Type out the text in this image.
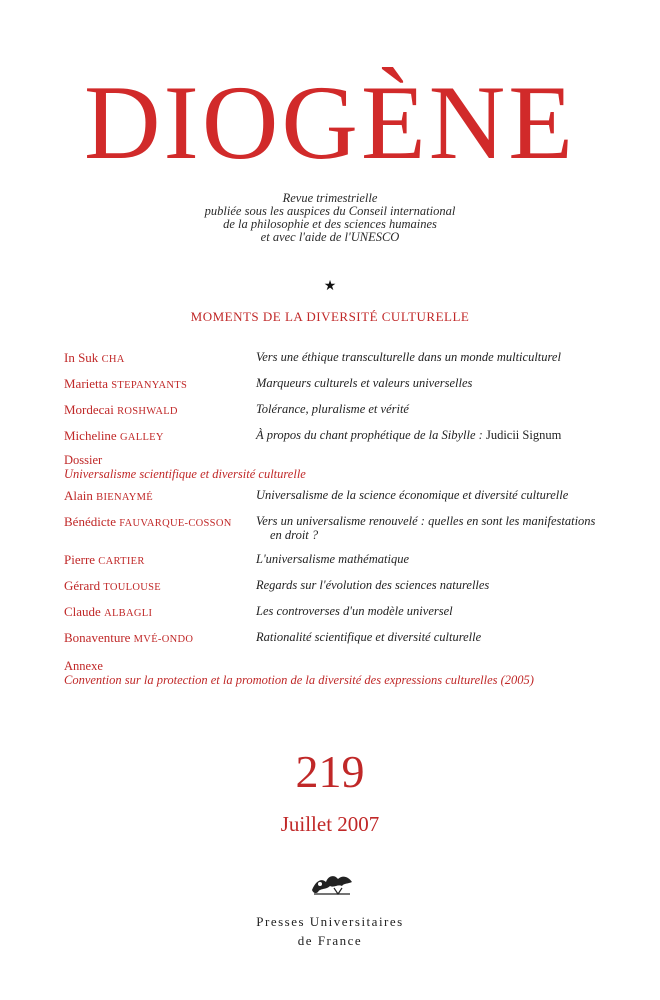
DIOGÈNE
Revue trimestrielle
publiée sous les auspices du Conseil international
de la philosophie et des sciences humaines
et avec l'aide de l'UNESCO
★
MOMENTS DE LA DIVERSITÉ CULTURELLE
In Suk CHA	Vers une éthique transculturelle dans un monde multiculturel
Marietta STEPANYANTS	Marqueurs culturels et valeurs universelles
Mordecai ROSHWALD	Tolérance, pluralisme et vérité
Micheline GALLEY	À propos du chant prophétique de la Sibylle : Judicii Signum
Dossier
Universalisme scientifique et diversité culturelle
Alain BIENAYMÉ	Universalisme de la science économique et diversité culturelle
Bénédicte FAUVARQUE-COSSON Vers un universalisme renouvelé : quelles en sont les manifestations
en droit ?
Pierre CARTIER	L'universalisme mathématique
Gérard TOULOUSE	Regards sur l'évolution des sciences naturelles
Claude ALBAGLI	Les controverses d'un modèle universel
Bonaventure MVÉ-ONDO	Rationalité scientifique et diversité culturelle
Annexe
Convention sur la protection et la promotion de la diversité des expressions culturelles (2005)
219
Juillet 2007
Presses Universitaires
de France
